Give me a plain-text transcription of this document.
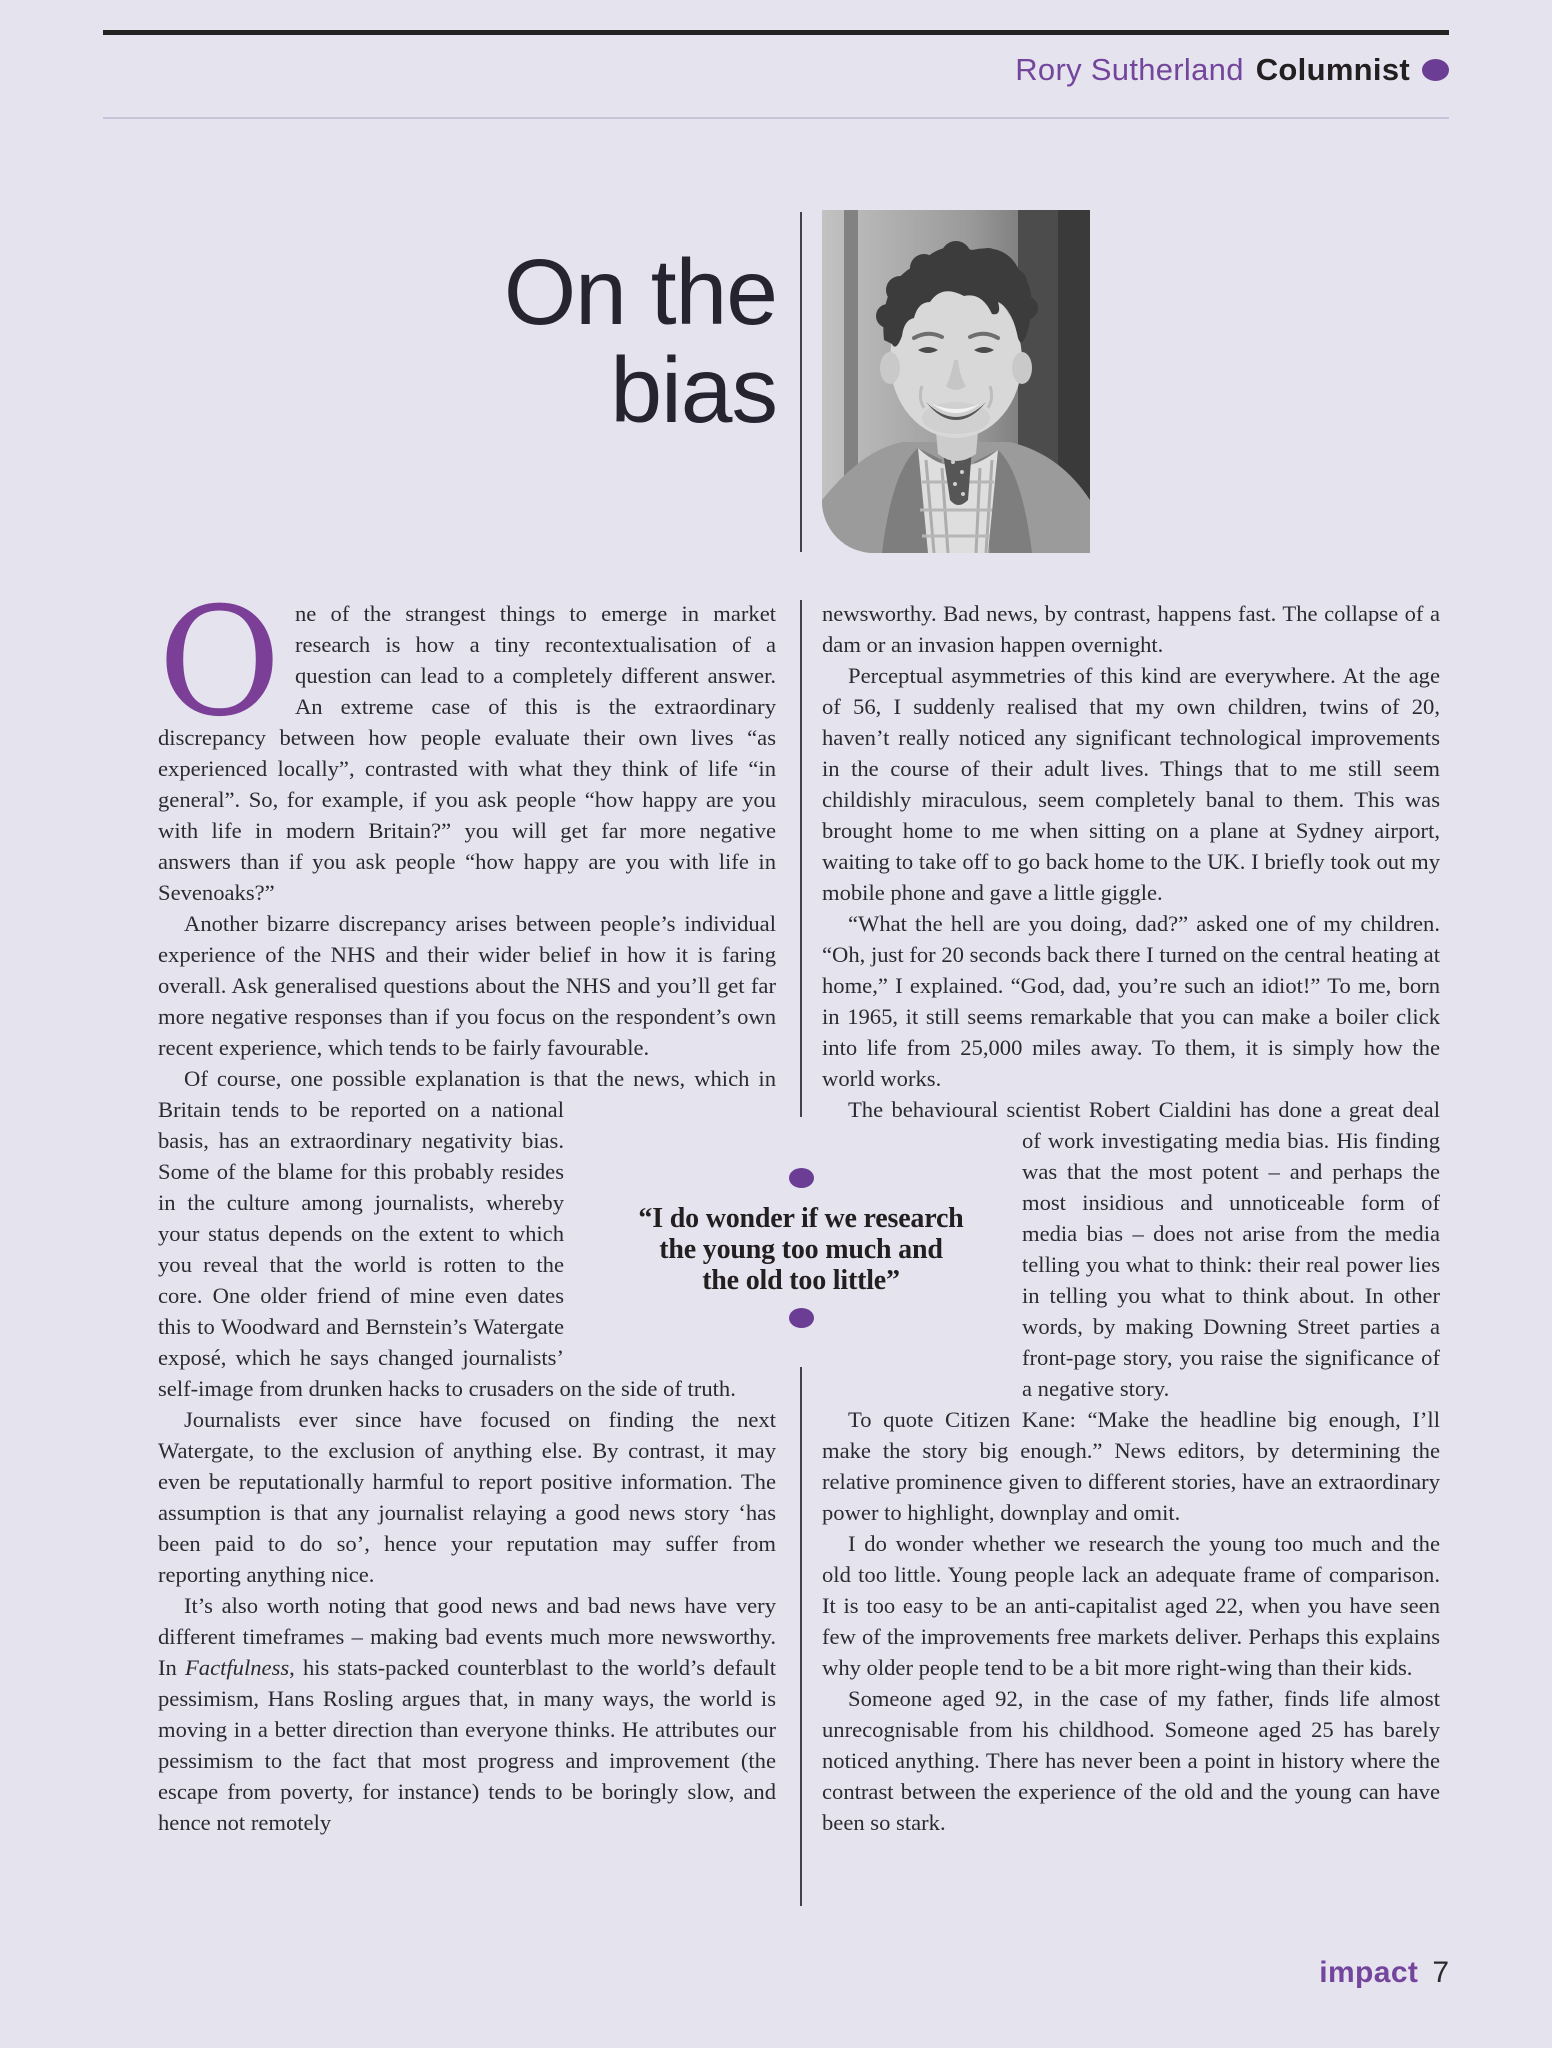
Rory Sutherland Columnist
On the
bias

One of the strangest things to emerge in market research is how a tiny recontextualisation of a question can lead to a completely different answer. An extreme case of this is the extraordinary discrepancy between how people evaluate their own lives “as experienced locally”, contrasted with what they think of life “in general”. So, for example, if you ask people “how happy are you with life in modern Britain?” you will get far more negative answers than if you ask people “how happy are you with life in Sevenoaks?”

Another bizarre discrepancy arises between people’s individual experience of the NHS and their wider belief in how it is faring overall. Ask generalised questions about the NHS and you’ll get far more negative responses than if you focus on the respondent’s own recent experience, which tends to be fairly favourable.

Of course, one possible explanation is that the news, which in
Britain tends to be reported on a national basis, has an extraordinary negativity bias. Some of the blame for this probably resides in the culture among journalists, whereby your status depends on the extent to which you reveal that the world is rotten to the core. One older friend of mine even dates this to Woodward and Bernstein’s Watergate exposé, which he says changed journalists’ self-image from drunken hacks to crusaders on the side of truth.

Journalists ever since have focused on finding the next Watergate, to the exclusion of anything else. By contrast, it may even be reputationally harmful to report positive information. The assumption is that any journalist relaying a good news story ‘has been paid to do so’, hence your reputation may suffer from reporting anything nice.

It’s also worth noting that good news and bad news have very different timeframes – making bad events much more newsworthy. In Factfulness, his stats-packed counterblast to the world’s default pessimism, Hans Rosling argues that, in many ways, the world is moving in a better direction than everyone thinks. He attributes our pessimism to the fact that most progress and improvement (the escape from poverty, for instance) tends to be boringly slow, and hence not remotely

newsworthy. Bad news, by contrast, happens fast. The collapse of a dam or an invasion happen overnight.

Perceptual asymmetries of this kind are everywhere. At the age of 56, I suddenly realised that my own children, twins of 20, haven’t really noticed any significant technological improvements in the course of their adult lives. Things that to me still seem childishly miraculous, seem completely banal to them. This was brought home to me when sitting on a plane at Sydney airport, waiting to take off to go back home to the UK. I briefly took out my mobile phone and gave a little giggle.

“What the hell are you doing, dad?” asked one of my children. “Oh, just for 20 seconds back there I turned on the central heating at home,” I explained. “God, dad, you’re such an idiot!” To me, born in 1965, it still seems remarkable that you can make a boiler click into life from 25,000 miles away. To them, it is simply how the world works.

The behavioural scientist Robert Cialdini has done a great deal
of work investigating media bias. His finding was that the most potent – and perhaps the most insidious and unnoticeable form of media bias – does not arise from the media telling you what to think: their real power lies in telling you what to think about. In other words, by making Downing Street parties a front-page story, you raise the significance of a negative story.

To quote Citizen Kane: “Make the headline big enough, I’ll make the story big enough.” News editors, by determining the relative prominence given to different stories, have an extraordinary power to highlight, downplay and omit.

I do wonder whether we research the young too much and the old too little. Young people lack an adequate frame of comparison. It is too easy to be an anti-capitalist aged 22, when you have seen few of the improvements free markets deliver. Perhaps this explains why older people tend to be a bit more right-wing than their kids.

Someone aged 92, in the case of my father, finds life almost unrecognisable from his childhood. Someone aged 25 has barely noticed anything. There has never been a point in history where the contrast between the experience of the old and the young can have been so stark.

“I do wonder if we research
the young too much and
the old too little”

impact 7
